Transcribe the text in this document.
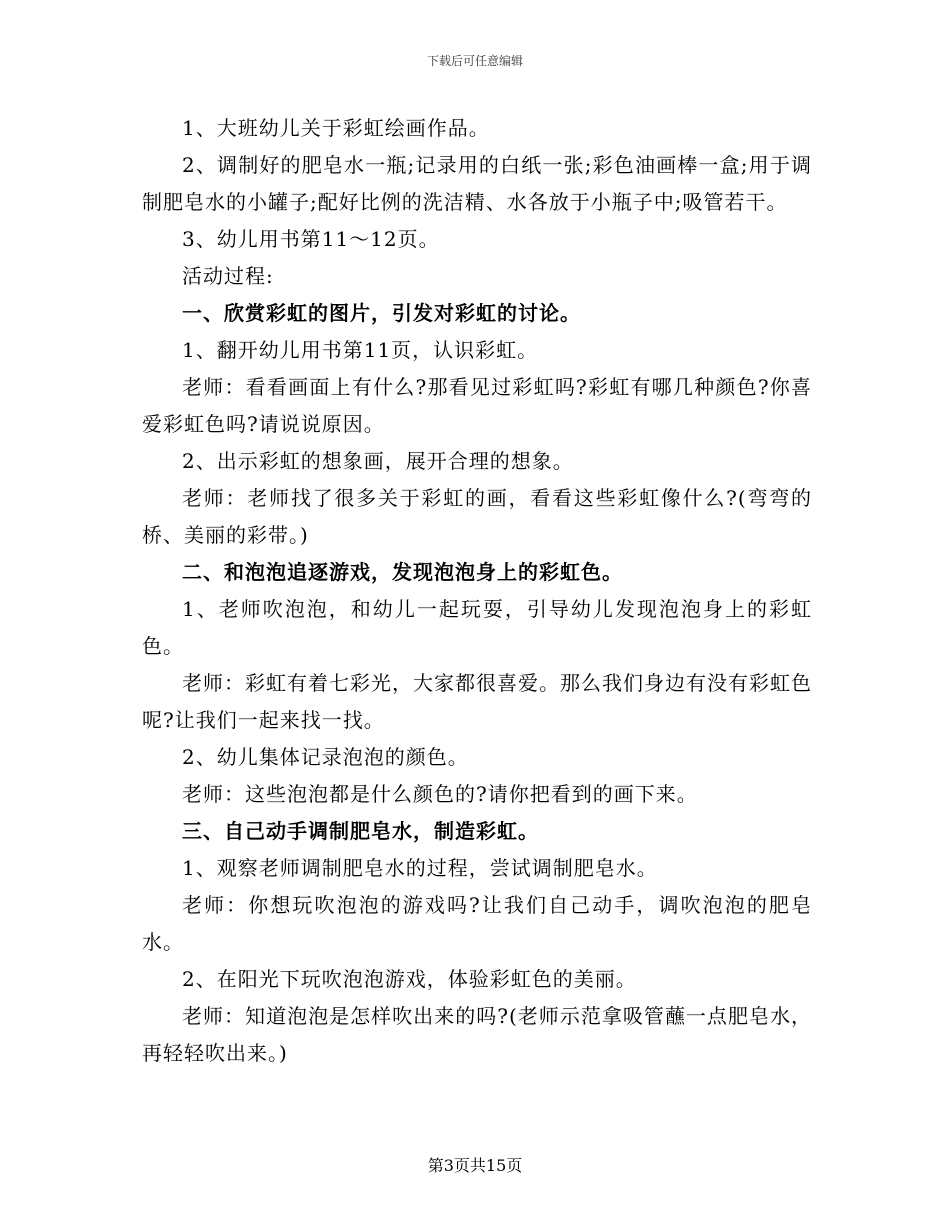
下载后可任意编辑

1、大班幼儿关于彩虹绘画作品。

2、调制好的肥皂水一瓶;记录用的白纸一张;彩色油画棒一盒;用于调制肥皂水的小罐子;配好比例的洗洁精、水各放于小瓶子中;吸管若干。

3、幼儿用书第11～12页。

活动过程:

一、欣赏彩虹的图片，引发对彩虹的讨论。

1、翻开幼儿用书第11页，认识彩虹。

老师：看看画面上有什么?那看见过彩虹吗?彩虹有哪几种颜色?你喜爱彩虹色吗?请说说原因。

2、出示彩虹的想象画，展开合理的想象。

老师：老师找了很多关于彩虹的画，看看这些彩虹像什么?(弯弯的桥、美丽的彩带。)

二、和泡泡追逐游戏，发现泡泡身上的彩虹色。

1、老师吹泡泡，和幼儿一起玩耍，引导幼儿发现泡泡身上的彩虹色。

老师：彩虹有着七彩光，大家都很喜爱。那么我们身边有没有彩虹色呢?让我们一起来找一找。

2、幼儿集体记录泡泡的颜色。

老师：这些泡泡都是什么颜色的?请你把看到的画下来。

三、自己动手调制肥皂水，制造彩虹。

1、观察老师调制肥皂水的过程，尝试调制肥皂水。

老师：你想玩吹泡泡的游戏吗?让我们自己动手，调吹泡泡的肥皂水。

2、在阳光下玩吹泡泡游戏，体验彩虹色的美丽。

老师：知道泡泡是怎样吹出来的吗?(老师示范拿吸管蘸一点肥皂水，再轻轻吹出来。)

第3页共15页
